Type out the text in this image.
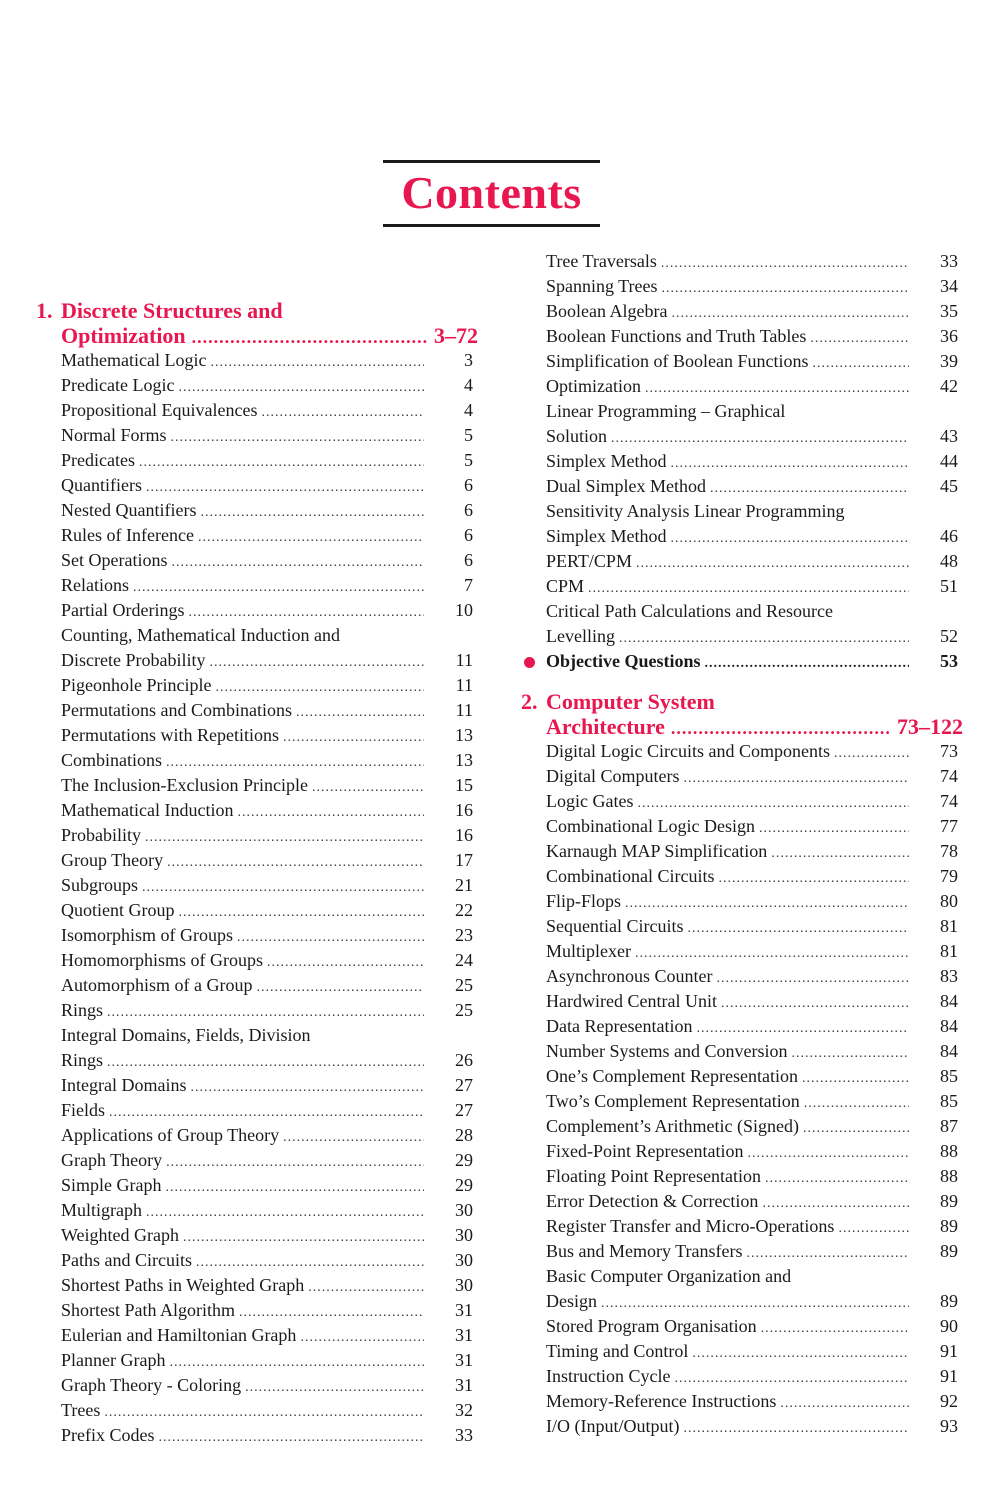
Contents
1. Discrete Structures and
Optimization .....	3–72
Mathematical Logic .....	3
Predicate Logic .....	4
Propositional Equivalences .....	4
Normal Forms .....	5
Predicates .....	5
Quantifiers .....	6
Nested Quantifiers .....	6
Rules of Inference .....	6
Set Operations .....	6
Relations .....	7
Partial Orderings .....	10
Counting, Mathematical Induction and
Discrete Probability .....	11
Pigeonhole Principle .....	11
Permutations and Combinations .....	11
Permutations with Repetitions .....	13
Combinations .....	13
The Inclusion-Exclusion Principle .....	15
Mathematical Induction .....	16
Probability .....	16
Group Theory .....	17
Subgroups .....	21
Quotient Group .....	22
Isomorphism of Groups .....	23
Homomorphisms of Groups .....	24
Automorphism of a Group .....	25
Rings .....	25
Integral Domains, Fields, Division
Rings .....	26
Integral Domains .....	27
Fields .....	27
Applications of Group Theory .....	28
Graph Theory .....	29
Simple Graph .....	29
Multigraph .....	30
Weighted Graph .....	30
Paths and Circuits .....	30
Shortest Paths in Weighted Graph .....	30
Shortest Path Algorithm .....	31
Eulerian and Hamiltonian Graph .....	31
Planner Graph .....	31
Graph Theory - Coloring .....	31
Trees .....	32
Prefix Codes .....	33
Tree Traversals .....	33
Spanning Trees .....	34
Boolean Algebra .....	35
Boolean Functions and Truth Tables .....	36
Simplification of Boolean Functions .....	39
Optimization .....	42
Linear Programming – Graphical
Solution .....	43
Simplex Method .....	44
Dual Simplex Method .....	45
Sensitivity Analysis Linear Programming
Simplex Method .....	46
PERT/CPM .....	48
CPM .....	51
Critical Path Calculations and Resource
Levelling .....	52
Objective Questions .....	53
2. Computer System
Architecture .....	73–122
Digital Logic Circuits and Components .....	73
Digital Computers .....	74
Logic Gates .....	74
Combinational Logic Design .....	77
Karnaugh MAP Simplification .....	78
Combinational Circuits .....	79
Flip-Flops .....	80
Sequential Circuits .....	81
Multiplexer .....	81
Asynchronous Counter .....	83
Hardwired Central Unit .....	84
Data Representation .....	84
Number Systems and Conversion .....	84
One’s Complement Representation .....	85
Two’s Complement Representation .....	85
Complement’s Arithmetic (Signed) .....	87
Fixed-Point Representation .....	88
Floating Point Representation .....	88
Error Detection & Correction .....	89
Register Transfer and Micro-Operations .....	89
Bus and Memory Transfers .....	89
Basic Computer Organization and
Design .....	89
Stored Program Organisation .....	90
Timing and Control .....	91
Instruction Cycle .....	91
Memory-Reference Instructions .....	92
I/O (Input/Output) .....	93
